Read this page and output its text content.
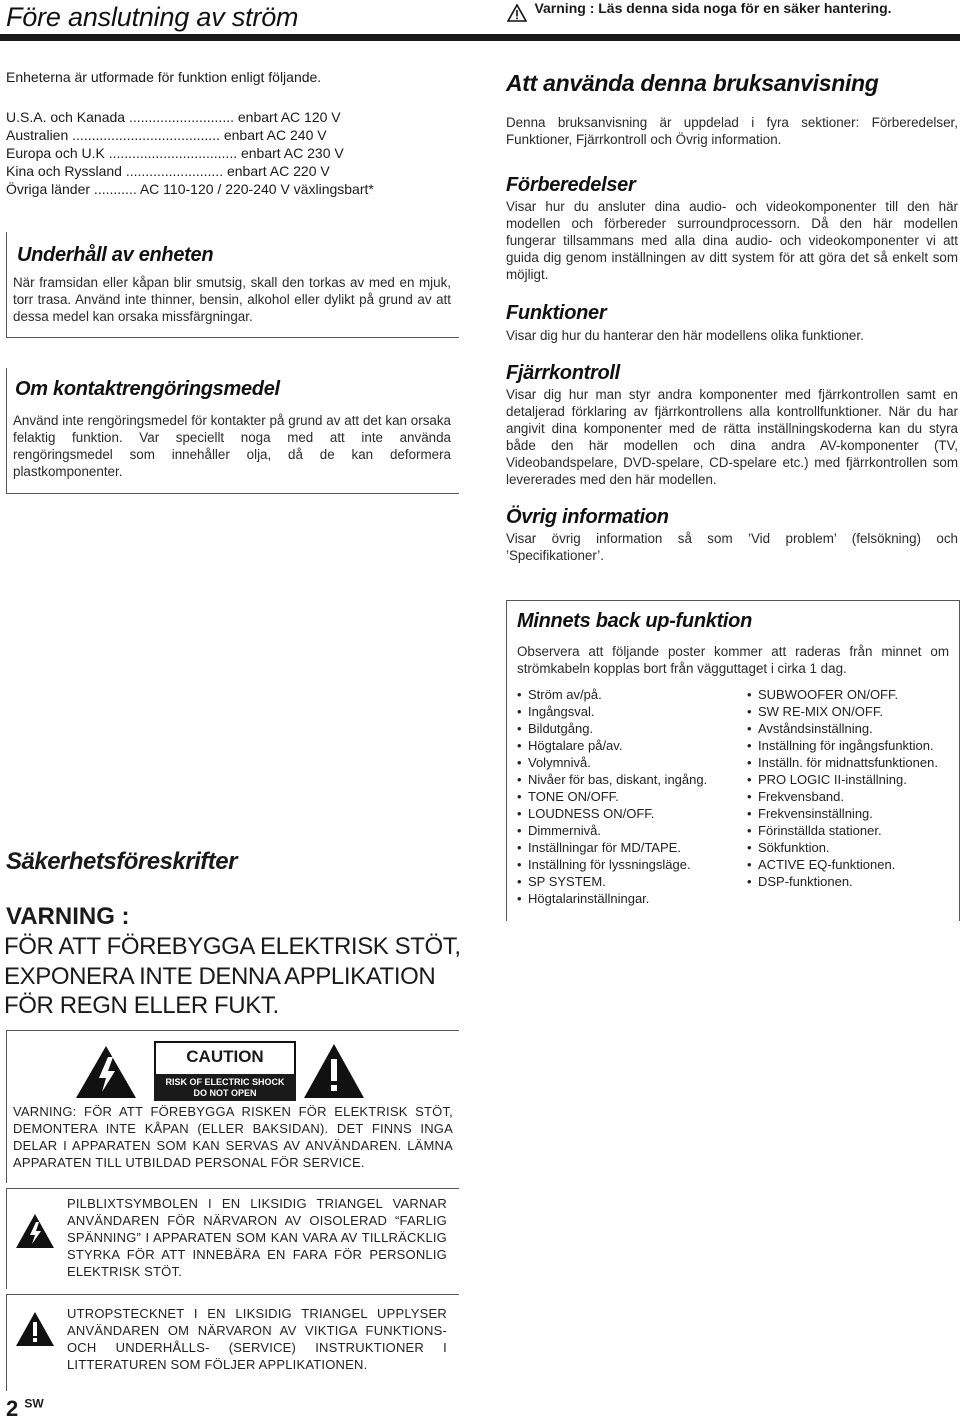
Före anslutning av ström	Varning : Läs denna sida noga för en säker hantering.
Enheterna är utformade för funktion enligt följande.
U.S.A. och Kanada ........................... enbart AC 120 V
Australien ...................................... enbart AC 240 V
Europa och U.K ................................. enbart AC 230 V
Kina och Ryssland ......................... enbart AC 220 V
Övriga länder ........... AC 110-120 / 220-240 V växlingsbart*
Underhåll av enheten
När framsidan eller kåpan blir smutsig, skall den torkas av med en mjuk, torr trasa. Använd inte thinner, bensin, alkohol eller dylikt på grund av att dessa medel kan orsaka missfärgningar.
Om kontaktrengöringsmedel
Använd inte rengöringsmedel för kontakter på grund av att det kan orsaka felaktig funktion. Var speciellt noga med att inte använda rengöringsmedel som innehåller olja, då de kan deformera plastkomponenter.
Att använda denna bruksanvisning
Denna bruksanvisning är uppdelad i fyra sektioner: Förberedelser, Funktioner, Fjärrkontroll och Övrig information.
Förberedelser
Visar hur du ansluter dina audio- och videokomponenter till den här modellen och förbereder surroundprocessorn. Då den här modellen fungerar tillsammans med alla dina audio- och videokomponenter vi att guida dig genom inställningen av ditt system för att göra det så enkelt som möjligt.
Funktioner
Visar dig hur du hanterar den här modellens olika funktioner.
Fjärrkontroll
Visar dig hur man styr andra komponenter med fjärrkontrollen samt en detaljerad förklaring av fjärrkontrollens alla kontrollfunktioner. När du har angivit dina komponenter med de rätta inställningskoderna kan du styra både den här modellen och dina andra AV-komponenter (TV, Videobandspelare, DVD-spelare, CD-spelare etc.) med fjärrkontrollen som levererades med den här modellen.
Övrig information
Visar övrig information så som ’Vid problem’ (felsökning) och ’Specifikationer’.
Minnets back up-funktion
Observera att följande poster kommer att raderas från minnet om strömkabeln kopplas bort från vägguttaget i cirka 1 dag.
• Ström av/på.
• Ingångsval.
• Bildutgång.
• Högtalare på/av.
• Volymnivå.
• Nivåer för bas, diskant, ingång.
• TONE ON/OFF.
• LOUDNESS ON/OFF.
• Dimmernivå.
• Inställningar för MD/TAPE.
• Inställning för lyssningsläge.
• SP SYSTEM.
• Högtalarinställningar.
• SUBWOOFER ON/OFF.
• SW RE-MIX ON/OFF.
• Avståndsinställning.
• Inställning för ingångsfunktion.
• Inställn. för midnattsfunktionen.
• PRO LOGIC II-inställning.
• Frekvensband.
• Frekvensinställning.
• Förinställda stationer.
• Sökfunktion.
• ACTIVE EQ-funktionen.
• DSP-funktionen.
Säkerhetsföreskrifter
VARNING :
FÖR ATT FÖREBYGGA ELEKTRISK STÖT,
EXPONERA INTE DENNA APPLIKATION
FÖR REGN ELLER FUKT.
CAUTION
RISK OF ELECTRIC SHOCK
DO NOT OPEN
VARNING: FÖR ATT FÖREBYGGA RISKEN FÖR ELEKTRISK STÖT, DEMONTERA INTE KÅPAN (ELLER BAKSIDAN). DET FINNS INGA DELAR I APPARATEN SOM KAN SERVAS AV ANVÄNDAREN. LÄMNA APPARATEN TILL UTBILDAD PERSONAL FÖR SERVICE.
PILBLIXTSYMBOLEN I EN LIKSIDIG TRIANGEL VARNAR ANVÄNDAREN FÖR NÄRVARON AV OISOLERAD “FARLIG SPÄNNING” I APPARATEN SOM KAN VARA AV TILLRÄCKLIG STYRKA FÖR ATT INNEBÄRA EN FARA FÖR PERSONLIG ELEKTRISK STÖT.
UTROPSTECKNET I EN LIKSIDIG TRIANGEL UPPLYSER ANVÄNDAREN OM NÄRVARON AV VIKTIGA FUNKTIONS- OCH UNDERHÅLLS- (SERVICE) INSTRUKTIONER I LITTERATUREN SOM FÖLJER APPLIKATIONEN.
2 $^{SW}$
